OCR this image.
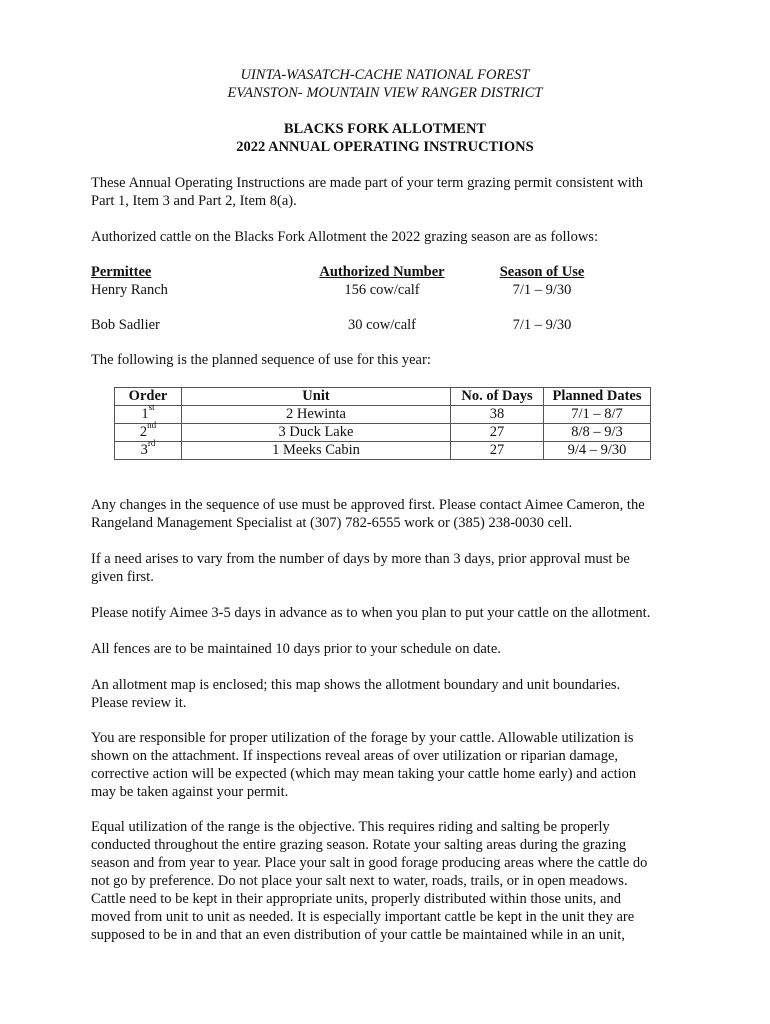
UINTA-WASATCH-CACHE NATIONAL FOREST
EVANSTON- MOUNTAIN VIEW RANGER DISTRICT
BLACKS FORK ALLOTMENT
2022 ANNUAL OPERATING INSTRUCTIONS
These Annual Operating Instructions are made part of your term grazing permit consistent with
Part 1, Item 3 and Part 2, Item 8(a).
Authorized cattle on the Blacks Fork Allotment the 2022 grazing season are as follows:
Permittee	Authorized Number	Season of Use
Henry Ranch	156 cow/calf	7/1 – 9/30
Bob Sadlier	30 cow/calf	7/1 – 9/30
The following is the planned sequence of use for this year:
Order	Unit	No. of Days	Planned Dates
1st	2 Hewinta	38	7/1 – 8/7
2nd	3 Duck Lake	27	8/8 – 9/3
3rd	1 Meeks Cabin	27	9/4 – 9/30
Any changes in the sequence of use must be approved first. Please contact Aimee Cameron, the
Rangeland Management Specialist at (307) 782-6555 work or (385) 238-0030 cell.
If a need arises to vary from the number of days by more than 3 days, prior approval must be
given first.
Please notify Aimee 3-5 days in advance as to when you plan to put your cattle on the allotment.
All fences are to be maintained 10 days prior to your schedule on date.
An allotment map is enclosed; this map shows the allotment boundary and unit boundaries.
Please review it.
You are responsible for proper utilization of the forage by your cattle. Allowable utilization is
shown on the attachment. If inspections reveal areas of over utilization or riparian damage,
corrective action will be expected (which may mean taking your cattle home early) and action
may be taken against your permit.
Equal utilization of the range is the objective. This requires riding and salting be properly
conducted throughout the entire grazing season. Rotate your salting areas during the grazing
season and from year to year. Place your salt in good forage producing areas where the cattle do
not go by preference. Do not place your salt next to water, roads, trails, or in open meadows.
Cattle need to be kept in their appropriate units, properly distributed within those units, and
moved from unit to unit as needed. It is especially important cattle be kept in the unit they are
supposed to be in and that an even distribution of your cattle be maintained while in an unit,
